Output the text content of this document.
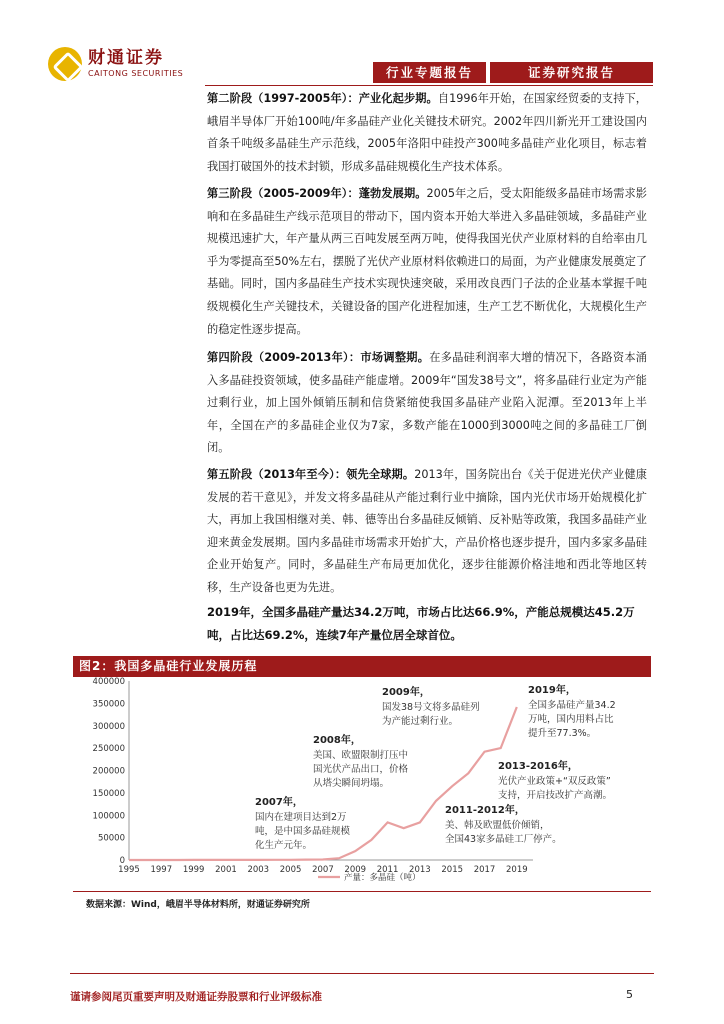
财通证券
CAITONG SECURITIES	行业专题报告	证券研究报告
第二阶段（1997-2005年）：产业化起步期。自1996年开始，在国家经贸委的支持下，峨眉半导体厂开始100吨/年多晶硅产业化关键技术研究。2002年四川新光开工建设国内首条千吨级多晶硅生产示范线，2005年洛阳中硅投产300吨多晶硅产业化项目，标志着我国打破国外的技术封锁，形成多晶硅规模化生产技术体系。
第三阶段（2005-2009年）：蓬勃发展期。2005年之后，受太阳能级多晶硅市场需求影响和在多晶硅生产线示范项目的带动下，国内资本开始大举进入多晶硅领域，多晶硅产业规模迅速扩大，年产量从两三百吨发展至两万吨，使得我国光伏产业原材料的自给率由几乎为零提高至50%左右，摆脱了光伏产业原材料依赖进口的局面，为产业健康发展奠定了基础。同时，国内多晶硅生产技术实现快速突破，采用改良西门子法的企业基本掌握千吨级规模化生产关键技术，关键设备的国产化进程加速，生产工艺不断优化，大规模化生产的稳定性逐步提高。
第四阶段（2009-2013年）：市场调整期。在多晶硅利润率大增的情况下，各路资本涌入多晶硅投资领域，使多晶硅产能虚增。2009年“国发38号文”，将多晶硅行业定为产能过剩行业，加上国外倾销压制和信贷紧缩使我国多晶硅产业陷入泥潭。至2013年上半年，全国在产的多晶硅企业仅为7家，多数产能在1000到3000吨之间的多晶硅工厂倒闭。
第五阶段（2013年至今）：领先全球期。2013年，国务院出台《关于促进光伏产业健康发展的若干意见》，并发文将多晶硅从产能过剩行业中摘除，国内光伏市场开始规模化扩大，再加上我国相继对美、韩、德等出台多晶硅反倾销、反补贴等政策，我国多晶硅产业迎来黄金发展期。国内多晶硅市场需求开始扩大，产品价格也逐步提升，国内多家多晶硅企业开始复产。同时，多晶硅生产布局更加优化，逐步往能源价格洼地和西北等地区转移，生产设备也更为先进。
2019年，全国多晶硅产量达34.2万吨，市场占比达66.9%，产能总规模达45.2万吨，占比达69.2%，连续7年产量位居全球首位。
图2：我国多晶硅行业发展历程
0
50000
100000
150000
200000
250000
300000
350000
400000
1995 1997 1999 2001 2003 2005 2007 2009 2011 2013 2015 2017 2019
产量：多晶硅（吨）
2007年，
国内在建项目达到2万
吨，是中国多晶硅规模
化生产元年。
2008年，
美国、欧盟限制打压中
国光伏产品出口，价格
从塔尖瞬间坍塌。
2009年，
国发38号文将多晶硅列
为产能过剩行业。
2019年，
全国多晶硅产量34.2
万吨，国内用料占比
提升至77.3%。
2013-2016年，
光伏产业政策+“双反政策”
支持，开启技改扩产高潮。
2011-2012年，
美、韩及欧盟低价倾销，
全国43家多晶硅工厂停产。
数据来源：Wind，峨眉半导体材料所，财通证券研究所
谨请参阅尾页重要声明及财通证券股票和行业评级标准	5
